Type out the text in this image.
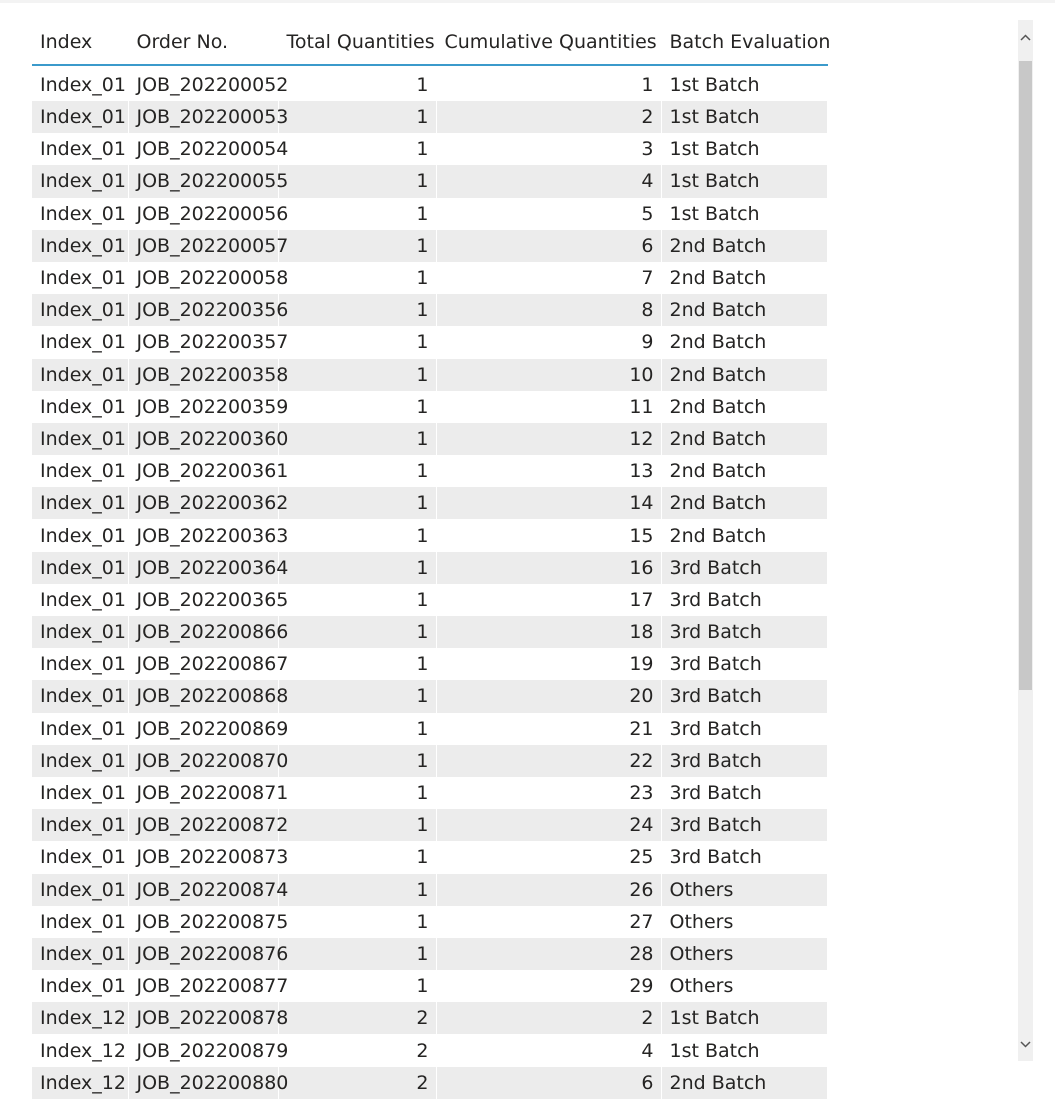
Index	Order No.	Total Quantities	Cumulative Quantities	Batch Evaluation
Index_01	JOB_202200052	1	1	1st Batch
Index_01	JOB_202200053	1	2	1st Batch
Index_01	JOB_202200054	1	3	1st Batch
Index_01	JOB_202200055	1	4	1st Batch
Index_01	JOB_202200056	1	5	1st Batch
Index_01	JOB_202200057	1	6	2nd Batch
Index_01	JOB_202200058	1	7	2nd Batch
Index_01	JOB_202200356	1	8	2nd Batch
Index_01	JOB_202200357	1	9	2nd Batch
Index_01	JOB_202200358	1	10	2nd Batch
Index_01	JOB_202200359	1	11	2nd Batch
Index_01	JOB_202200360	1	12	2nd Batch
Index_01	JOB_202200361	1	13	2nd Batch
Index_01	JOB_202200362	1	14	2nd Batch
Index_01	JOB_202200363	1	15	2nd Batch
Index_01	JOB_202200364	1	16	3rd Batch
Index_01	JOB_202200365	1	17	3rd Batch
Index_01	JOB_202200866	1	18	3rd Batch
Index_01	JOB_202200867	1	19	3rd Batch
Index_01	JOB_202200868	1	20	3rd Batch
Index_01	JOB_202200869	1	21	3rd Batch
Index_01	JOB_202200870	1	22	3rd Batch
Index_01	JOB_202200871	1	23	3rd Batch
Index_01	JOB_202200872	1	24	3rd Batch
Index_01	JOB_202200873	1	25	3rd Batch
Index_01	JOB_202200874	1	26	Others
Index_01	JOB_202200875	1	27	Others
Index_01	JOB_202200876	1	28	Others
Index_01	JOB_202200877	1	29	Others
Index_12	JOB_202200878	2	2	1st Batch
Index_12	JOB_202200879	2	4	1st Batch
Index_12	JOB_202200880	2	6	2nd Batch
